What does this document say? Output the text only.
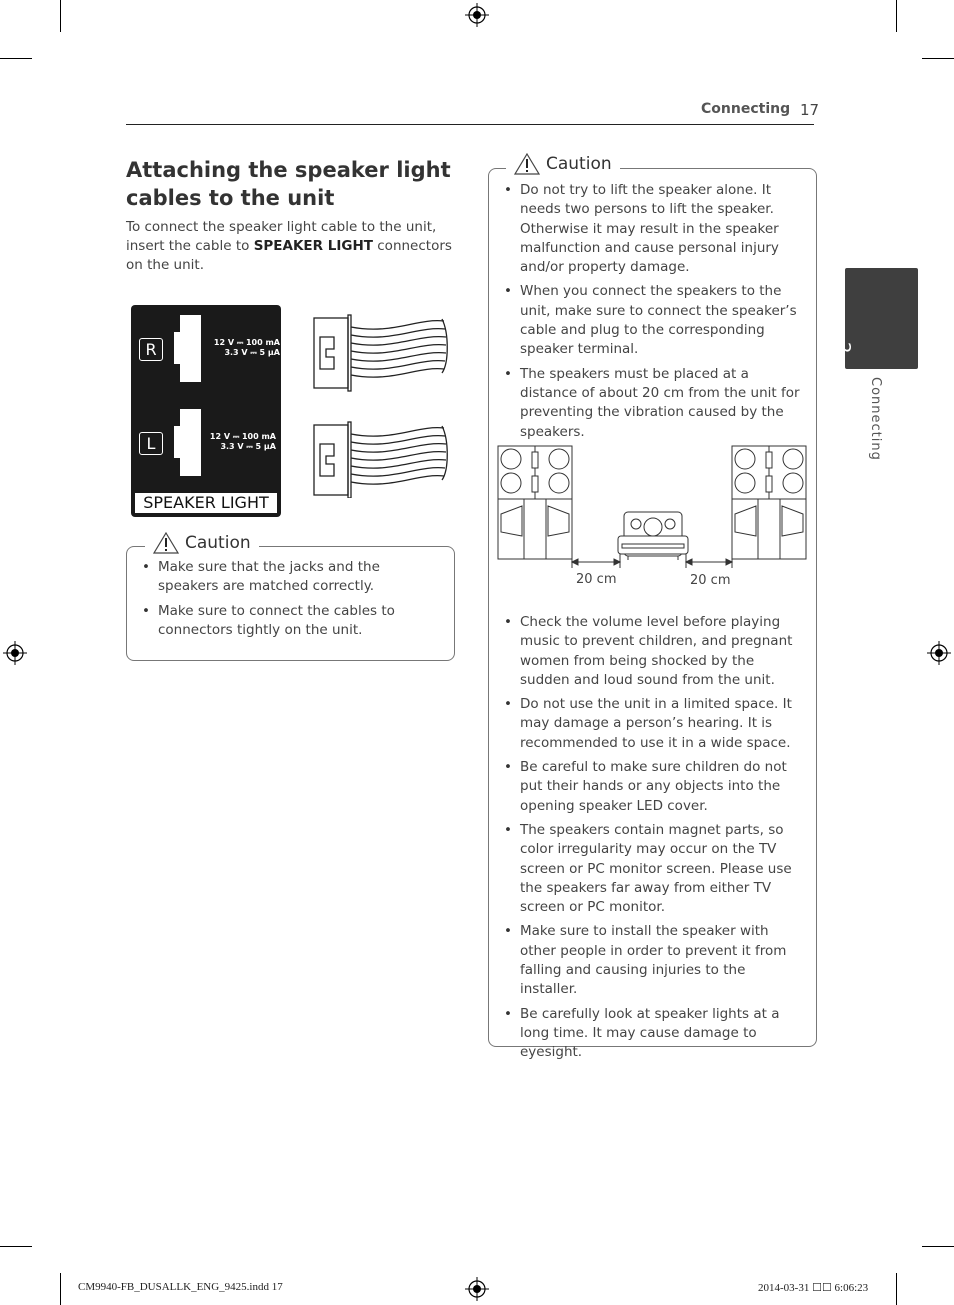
Connecting 17
2
Connecting
Attaching the speaker light cables to the unit
To connect the speaker light cable to the unit, insert the cable to SPEAKER LIGHT connectors on the unit.
R
L
12 V ⎓ 100 mA
3.3 V ⎓ 5 μA
12 V ⎓ 100 mA
3.3 V ⎓ 5 μA
SPEAKER LIGHT
Caution
• Make sure that the jacks and the speakers are matched correctly.
• Make sure to connect the cables to connectors tightly on the unit.
Caution
• Do not try to lift the speaker alone. It needs two persons to lift the speaker. Otherwise it may result in the speaker malfunction and cause personal injury and/or property damage.
• When you connect the speakers to the unit, make sure to connect the speaker’s cable and plug to the corresponding speaker terminal.
• The speakers must be placed at a distance of about 20 cm from the unit for preventing the vibration caused by the speakers.
20 cm	20 cm
• Check the volume level before playing music to prevent children, and pregnant women from being shocked by the sudden and loud sound from the unit.
• Do not use the unit in a limited space. It may damage a person’s hearing. It is recommended to use it in a wide space.
• Be careful to make sure children do not put their hands or any objects into the opening speaker LED cover.
• The speakers contain magnet parts, so color irregularity may occur on the TV screen or PC monitor screen. Please use the speakers far away from either TV screen or PC monitor.
• Make sure to install the speaker with other people in order to prevent it from falling and causing injuries to the installer.
• Be carefully look at speaker lights at a long time. It may cause damage to eyesight.
CM9940-FB_DUSALLK_ENG_9425.indd 17	2014-03-31 ☐☐ 6:06:23
